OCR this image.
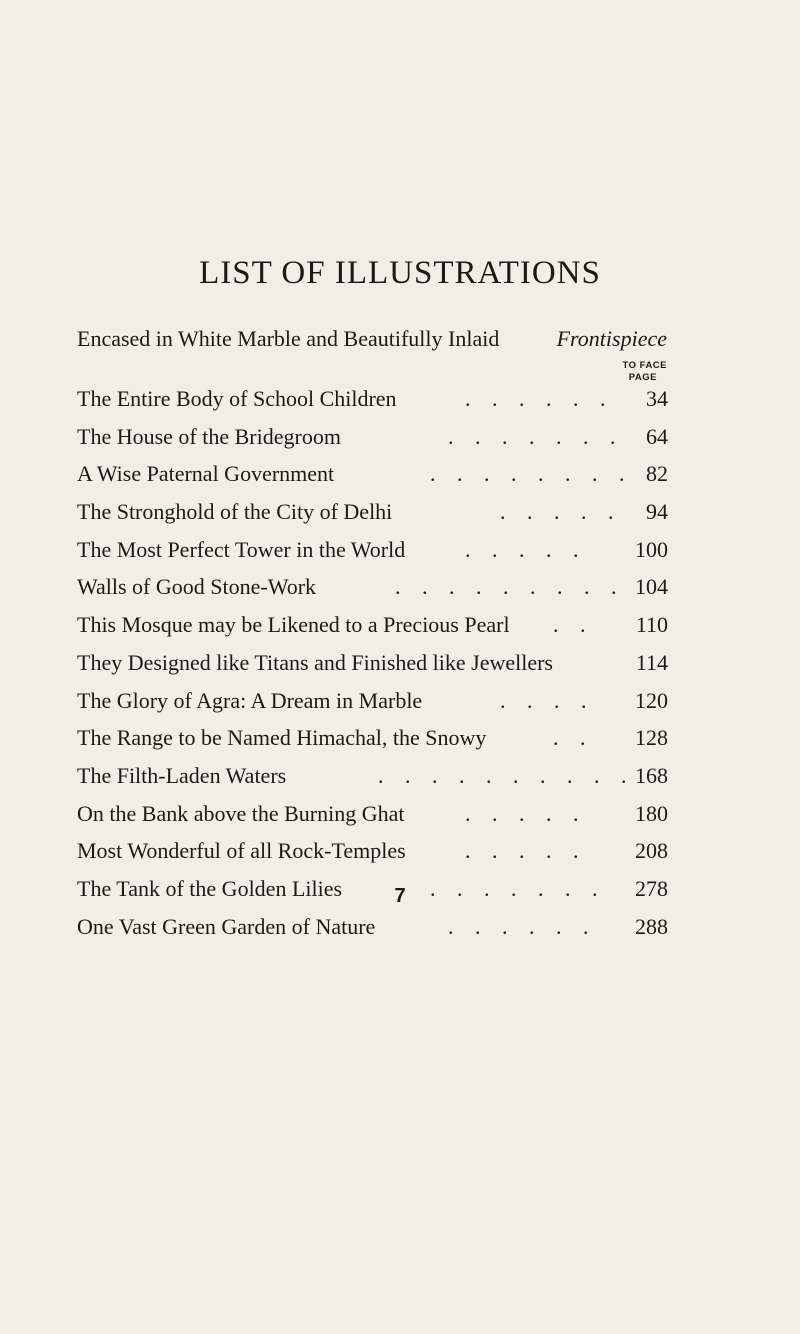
LIST OF ILLUSTRATIONS
Encased in White Marble and Beautifully Inlaid	Frontispiece
TO FACE
PAGE
The Entire Body of School Children	. . . . . . 34
The House of the Bridegroom	. . . . . . . 64
A Wise Paternal Government	. . . . . . . . 82
The Stronghold of the City of Delhi	. . . . . 94
The Most Perfect Tower in the World	. . . . . 100
Walls of Good Stone-Work	. . . . . . . . . 104
This Mosque may be Likened to a Precious Pearl . . 110
They Designed like Titans and Finished like Jewellers	114
The Glory of Agra: A Dream in Marble	. . . . 120
The Range to be Named Himachal, the Snowy	. . 128
The Filth-Laden Waters	. . . . . . . . . . 168
On the Bank above the Burning Ghat	. . . . . 180
Most Wonderful of all Rock-Temples	. . . . . 208
The Tank of the Golden Lilies	. . . . . . . 278
One Vast Green Garden of Nature	. . . . . . 288
7
